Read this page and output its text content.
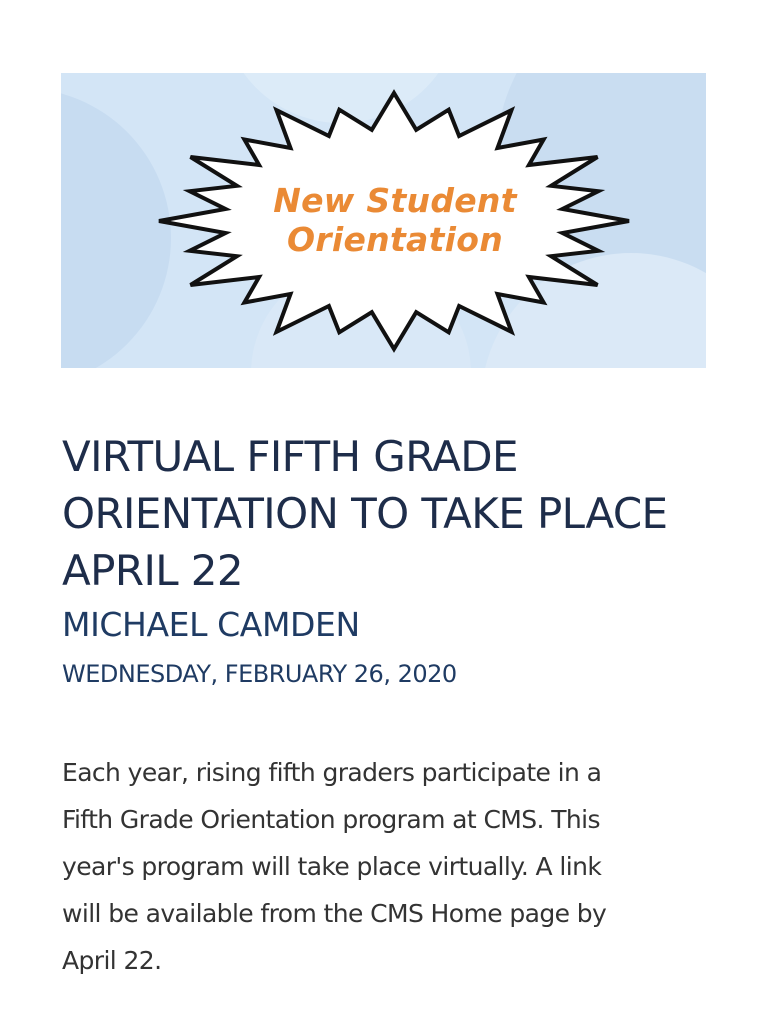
New Student
Orientation
VIRTUAL FIFTH GRADE ORIENTATION TO TAKE PLACE APRIL 22
MICHAEL CAMDEN
WEDNESDAY, FEBRUARY 26, 2020

Each year, rising fifth graders participate in a
Fifth Grade Orientation program at CMS. This
year's program will take place virtually. A link
will be available from the CMS Home page by
April 22.
